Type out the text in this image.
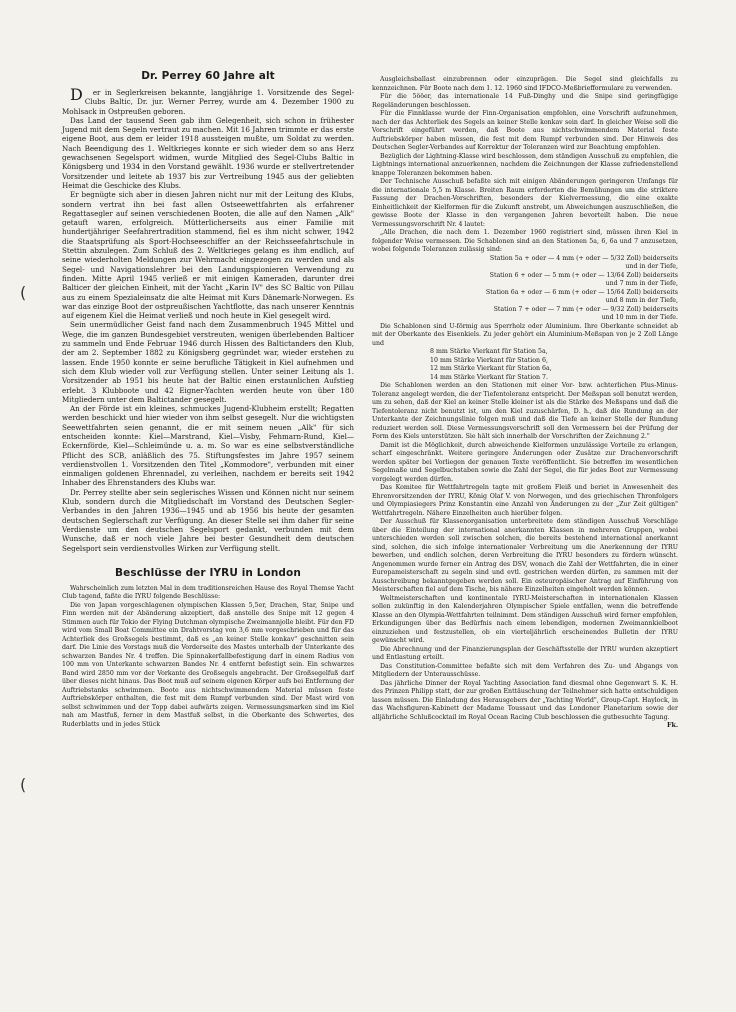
(
(
Dr. Perrey 60 Jahre alt

Der in Seglerkreisen bekannte, langjährige 1. Vorsitzende des Segel-Clubs Baltic, Dr. jur. Werner Perrey, wurde am 4. Dezember 1900 zu Mohlsack in Ostpreußen geboren.

Das Land der tausend Seen gab ihm Gelegenheit, sich schon in frühester Jugend mit dem Segeln vertraut zu machen. Mit 16 Jahren trimmte er das erste eigene Boot, aus dem er leider 1918 aussteigen mußte, um Soldat zu werden. Nach Beendigung des 1. Weltkrieges konnte er sich wieder dem so ans Herz gewachsenen Segelsport widmen, wurde Mitglied des Segel-Clubs Baltic in Königsberg und 1934 in den Vorstand gewählt. 1936 wurde er stellvertretender Vorsitzender und leitete ab 1937 bis zur Vertreibung 1945 aus der geliebten Heimat die Geschicke des Klubs.

Er begnügte sich aber in diesen Jahren nicht nur mit der Leitung des Klubs, sondern vertrat ihn bei fast allen Ostseewettfahrten als erfahrener Regattasegler auf seinen verschiedenen Booten, die alle auf den Namen „Alk" getauft waren, erfolgreich. Mütterlicherseits aus einer Familie mit hundertjähriger Seefahrertradition stammend, fiel es ihm nicht schwer, 1942 die Staatsprüfung als Sport-Hochseeschiffer an der Reichsseefahrtschule in Stettin abzulegen. Zum Schluß des 2. Weltkrieges gelang es ihm endlich, auf seine wiederholten Meldungen zur Wehrmacht eingezogen zu werden und als Segel- und Navigationslehrer bei den Landungspionieren Verwendung zu finden. Mitte April 1945 verließ er mit einigen Kameraden, darunter drei Balticer der gleichen Einheit, mit der Yacht „Karin IV" des SC Baltic von Pillau aus zu einem Spezialeinsatz die alte Heimat mit Kurs Dänemark-Norwegen. Es war das einzige Boot der ostpreußischen Yachtflotte, das nach unserer Kenntnis auf eigenem Kiel die Heimat verließ und noch heute in Kiel gesegelt wird.

Sein unermüdlicher Geist fand nach dem Zusammenbruch 1945 Mittel und Wege, die im ganzen Bundesgebiet verstreuten, wenigen überlebenden Balticer zu sammeln und Ende Februar 1946 durch Hissen des Baltictanders den Klub, der am 2. September 1882 zu Königsberg gegründet war, wieder erstehen zu lassen. Ende 1950 konnte er seine berufliche Tätigkeit in Kiel aufnehmen und sich dem Klub wieder voll zur Verfügung stellen. Unter seiner Leitung als 1. Vorsitzender ab 1951 bis heute hat der Baltic einen erstaunlichen Aufstieg erlebt. 3 Klubboote und 42 Eigner-Yachten werden heute von über 180 Mitgliedern unter dem Baltictander gesegelt.

An der Förde ist ein kleines, schmuckes Jugend-Klubheim erstellt; Regatten werden beschickt und hier wieder von ihm selbst gesegelt. Nur die wichtigsten Seewettfahrten seien genannt, die er mit seinem neuen „Alk" für sich entscheiden konnte: Kiel—Marstrand, Kiel—Visby, Fehmarn-Rund, Kiel—Eckernförde, Kiel—Schleimünde u. a. m. So war es eine selbstverständliche Pflicht des SCB, anläßlich des 75. Stiftungsfestes im Jahre 1957 seinem verdienstvollen 1. Vorsitzenden den Titel „Kommodore", verbunden mit einer einmaligen goldenen Ehrennadel, zu verleihen, nachdem er bereits seit 1942 Inhaber des Ehrenstanders des Klubs war.

Dr. Perrey stellte aber sein seglerisches Wissen und Können nicht nur seinem Klub, sondern durch die Mitgliedschaft im Vorstand des Deutschen Segler-Verbandes in den Jahren 1936—1945 und ab 1956 bis heute der gesamten deutschen Seglerschaft zur Verfügung. An dieser Stelle sei ihm daher für seine Verdienste um den deutschen Segelsport gedankt, verbunden mit dem Wunsche, daß er noch viele Jahre bei bester Gesundheit dem deutschen Segelsport sein verdienstvolles Wirken zur Verfügung stellt.

Beschlüsse der IYRU in London

Wahrscheinlich zum letzten Mal in dem traditionsreichen Hause des Royal Themse Yacht Club tagend, faßte die IYRU folgende Beschlüsse:

Die von Japan vorgeschlagenen olympischen Klassen 5,5er, Drachen, Star, Snipe und Finn werden mit der Abänderung akzeptiert, daß anstelle des Snipe mit 12 gegen 4 Stimmen auch für Tokio der Flying Dutchman olympische Zweimannjolle bleibt. Für den FD wird vom Small Boat Committee ein Drahtvorstag von 3,6 mm vorgeschrieben und für das Achterliek des Großsegels bestimmt, daß es „an keiner Stelle konkav" geschnitten sein darf. Die Linie des Vorstags muß die Vorderseite des Mastes unterhalb der Unterkante des schwarzen Bandes Nr. 4 treffen. Die Spinnakerfallbefestigung darf in einem Radius von 100 mm von Unterkante schwarzen Bandes Nr. 4 entfernt befestigt sein. Ein schwarzes Band wird 2850 mm vor der Vorkante des Großsegels angebracht. Der Großsegelfuß darf über dieses nicht hinaus. Das Boot muß auf seinem eigenen Körper aufs bei Entfernung der Auftriebstanks schwimmen. Boote aus nichtschwimmendem Material müssen feste Auftriebskörper enthalten, die fest mit dem Rumpf verbunden sind. Der Mast wird von selbst schwimmen und der Topp dabei aufwärts zeigen. Vermessungsmarken sind im Kiel nah am Mastfuß, ferner in dem Mastfuß selbst, in die Oberkante des Schwertes, des Ruderblatts und in jedes Stück

Ausgleichsballast einzubrennen oder einzuprägen. Die Segel sind gleichfalls zu kennzeichnen. Für Boote nach dem 1. 12. 1960 sind IFDCO-Meßbriefformulare zu verwenden.

Für die 5ööer, das internationale 14 Fuß-Dinghy und die Snipe sind geringfügige Regeländerungen beschlossen.

Für die Finnklasse wurde der Finn-Organisation empfohlen, eine Vorschrift aufzunehmen, nach der das Achterliek des Segels an keiner Stelle konkav sein darf. In gleicher Weise soll die Vorschrift eingeführt werden, daß Boote aus nichtschwimmendem Material feste Auftriebskörper haben müssen, die fest mit dem Rumpf verbunden sind. Der Hinweis des Deutschen Segler-Verbandes auf Korrektur der Toleranzen wird zur Beachtung empfohlen.

Bezüglich der Lightning-Klasse wird beschlossen, dem ständigen Ausschuß zu empfehlen, die Lightnings international anzuerkennen, nachdem die Zeichnungen der Klasse zufriedenstellend knappe Toleranzen bekommen haben.

Der Technische Ausschuß befaßte sich mit einigen Abänderungen geringeren Umfangs für die internationale 5,5 m Klasse. Breiten Raum erforderten die Bemühungen um die striktere Fassung der Drachen-Vorschriften, besonders der Kielvermessung, die eine exakte Einheitlichkeit der Kielformen für die Zukunft anstrebt, um Abweichungen auszuschließen, die gewisse Boote der Klasse in den vergangenen Jahren bevorteilt haben. Die neue Vermessungsvorschrift Nr. 4 lautet:

„Alle Drachen, die nach dem 1. Dezember 1960 registriert sind, müssen ihren Kiel in folgender Weise vermessen. Die Schablonen sind an den Stationen 5a, 6, 6a und 7 anzusetzen, wobei folgende Toleranzen zulässig sind:

Station 5a + oder — 4 mm (+ oder — 5/32 Zoll) beiderseits

und in der Tiefe,

Station 6 + oder — 5 mm (+ oder — 13/64 Zoll) beiderseits

und 7 mm in der Tiefe,

Station 6a + oder — 6 mm (+ oder — 15/64 Zoll) beiderseits

und 8 mm in der Tiefe,

Station 7 + oder — 7 mm (+ oder — 9/32 Zoll) beiderseits

und 10 mm in der Tiefe.

Die Schablonen sind U-förmig aus Sperrholz oder Aluminium. Ihre Oberkante schneidet ab mit der Oberkante des Eisenkiels. Zu jeder gehört ein Aluminium-Meßspan von je 2 Zoll Länge und

8 mm Stärke Vierkant für Station 5a,

10 mm Stärke Vierkant für Station 6,

12 mm Stärke Vierkant für Station 6a,

14 mm Stärke Vierkant für Station 7.

Die Schablonen werden an den Stationen mit einer Vor- bzw. achterlichen Plus-Minus-Toleranz angelegt werden, die der Tiefentoleranz entspricht. Der Meßspan soll benutzt werden, um zu sehen, daß der Kiel an keiner Stelle kleiner ist als die Stärke des Meßspans und daß die Tiefentoleranz nicht benutzt ist, um den Kiel zuzuschärfen, D. h., daß die Rundung an der Unterkante der Zeichnungslinie folgen muß und daß die Tiefe an keiner Stelle der Rundung reduziert werden soll. Diese Vermessungsvorschrift soll den Vermessern bei der Prüfung der Form des Kiels unterstützen. Sie hält sich innerhalb der Vorschriften der Zeichnung 2."

Damit ist die Möglichkeit, durch abweichende Kielformen unzulässige Vorteile zu erlangen, scharf eingeschränkt. Weitere geringere Änderungen oder Zusätze zur Drachenvorschrift werden später bei Vorliegen der genauen Texte veröffentlicht. Sie betreffen im wesentlichen Segelmaße und Segelbuchstaben sowie die Zahl der Segel, die für jedes Boot zur Vermessung vorgelegt werden dürfen.

Das Komitee für Wettfahrtregeln tagte mit großem Fleiß und beriet in Anwesenheit des Ehrenvorsitzenden der IYRU, König Olaf V. von Norwegen, und des griechischen Thronfolgers und Olympiasiegers Prinz Konstantin eine Anzahl von Änderungen zu der „Zur Zeit gültigen" Wettfahrtregeln. Nähere Einzelheiten auch hierüber folgen.

Der Ausschuß für Klassenorganisation unterbreitete dem ständigen Ausschuß Vorschläge über die Einteilung der international anerkannten Klassen in mehreren Gruppen, wobei unterschieden werden soll zwischen solchen, die bereits bestehend international anerkannt sind, solchen, die sich infolge internationaler Verbreitung um die Anerkennung der IYRU bewerben, und endlich solchen, deren Verbreitung die IYRU besonders zu fördern wünscht. Angenommen wurde ferner ein Antrag des DSV, wonach die Zahl der Wettfahrten, die in einer Europameisterschaft zu segeln sind und evtl. gestrichen werden dürfen, zu sammen mit der Ausschreibung bekanntgegeben werden soll. Ein osteuropäischer Antrag auf Einführung von Meisterschaften fiel auf dem Tische, bis nähere Einzelheiten eingeholt werden können.

Weltmeisterschaften und kontinentale IYRU-Meisterschaften in internationalen Klassen sollen zukünftig in den Kalenderjahren Olympischer Spiele entfallen, wenn die betreffende Klasse an den Olympia-Wettfahrten teilnimmt. Dem ständigen Ausschuß wird ferner empfohlen, Erkundigungen über das Bedürfnis nach einem lebendigen, modernen Zweimannkielboot einzuziehen und festzustellen, ob ein vierteljährlich erscheinendes Bulletin der IYRU gewünscht wird.

Die Abrechnung und der Finanzierungsplan der Geschäftsstelle der IYRU wurden akzeptiert und Entlastung erteilt.

Das Constitution-Committee befaßte sich mit dem Verfahren des Zu- und Abgangs von Mitgliedern der Unterausschüsse.

Das jährliche Dinner der Royal Yachting Association fand diesmal ohne Gegenwart S. K. H. des Prinzen Philipp statt, der zur großen Enttäuschung der Teilnehmer sich hatte entschuldigen lassen müssen. Die Einladung des Herausgebers der „Yachting World", Group-Capt. Haylock, in das Wachsfiguren-Kabinett der Madame Toussaut und das Londoner Planetarium sowie der alljährliche Schlußcocktail im Royal Ocean Racing Club beschlossen die gutbesuchte Tagung.

Fk.
